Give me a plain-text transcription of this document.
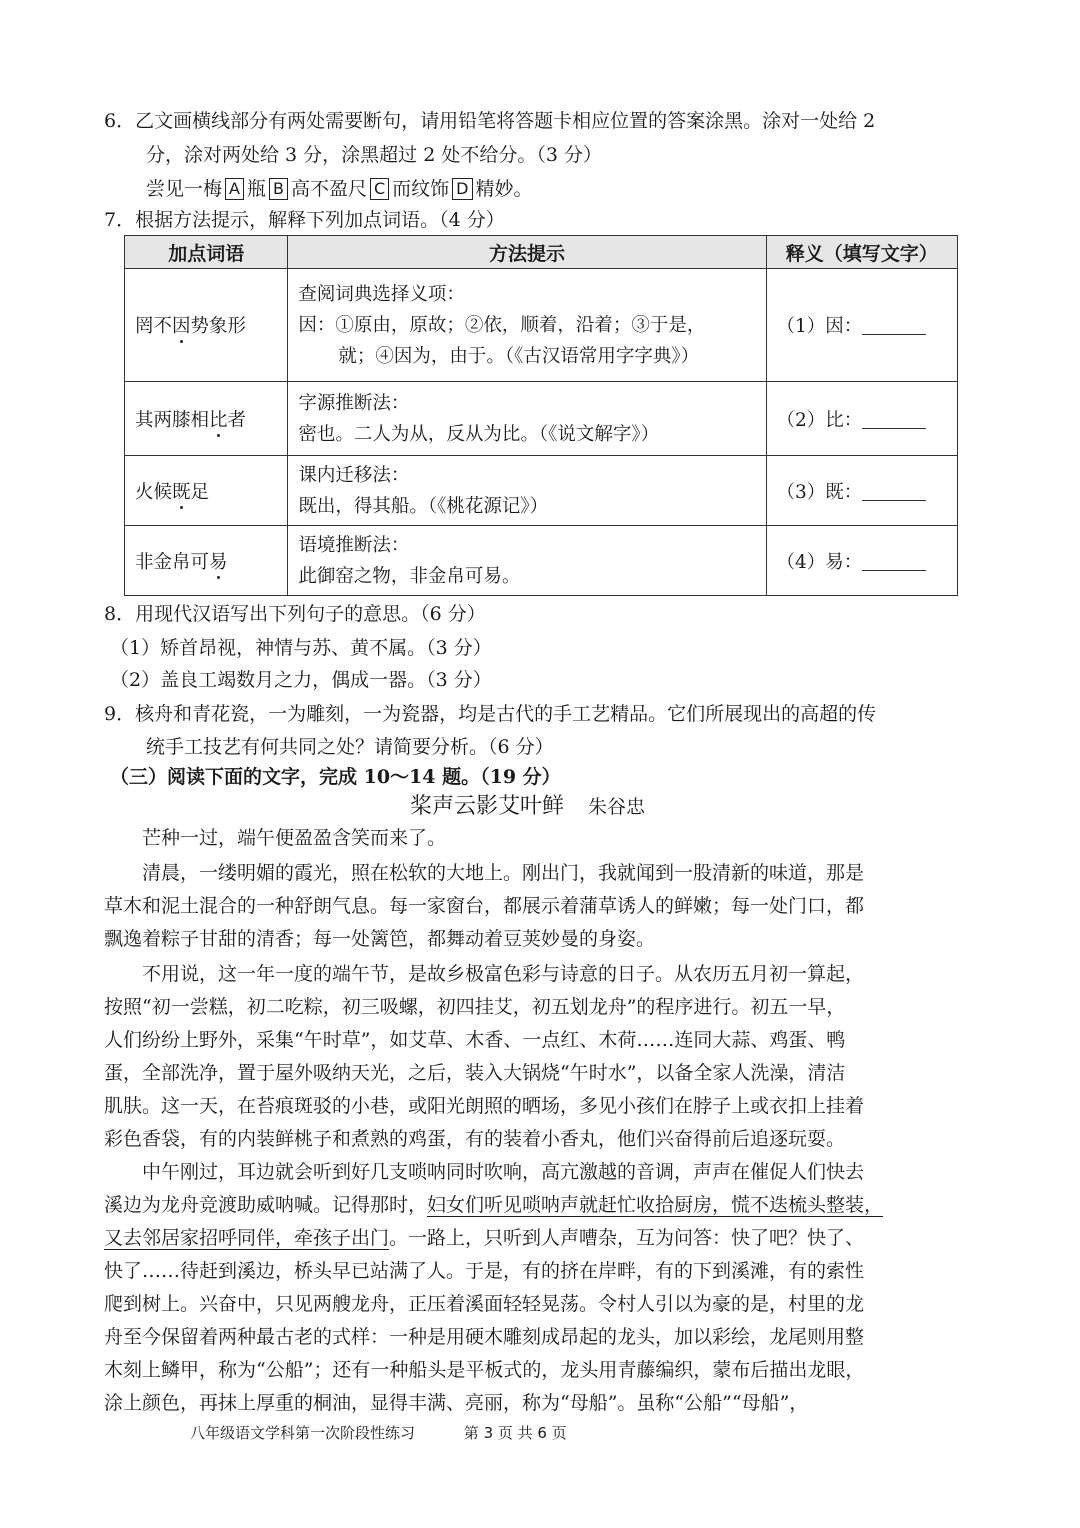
6．乙文画横线部分有两处需要断句，请用铅笔将答题卡相应位置的答案涂黑。涂对一处给 2
分，涂对两处给 3 分，涂黑超过 2 处不给分。（3 分）
尝见一梅 A 瓶 B 高不盈尺 C 而纹饰 D 精妙。
7．根据方法提示，解释下列加点词语。（4 分）
加点词语	方法提示	释义（填写文字）
罔不因势象形	查阅词典选择义项：
因：①原由，原故；②依，顺着，沿着；③于是，
就；④因为，由于。（《古汉语常用字字典》）	（1）因：
其两膝相比者	字源推断法：
密也。二人为从，反从为比。（《说文解字》）	（2）比：
火候既足	课内迁移法：
既出，得其船。（《桃花源记》）	（3）既：
非金帛可易	语境推断法：
此御窑之物，非金帛可易。	（4）易：
8．用现代汉语写出下列句子的意思。（6 分）
（1）矫首昂视，神情与苏、黄不属。（3 分）
（2）盖良工竭数月之力，偶成一器。（3 分）
9．核舟和青花瓷，一为雕刻，一为瓷器，均是古代的手工艺精品。它们所展现出的高超的传
统手工技艺有何共同之处？请简要分析。（6 分）
（三）阅读下面的文字，完成 10～14 题。（19 分）
桨声云影艾叶鲜 朱谷忠
　　芒种一过，端午便盈盈含笑而来了。
　　清晨，一缕明媚的霞光，照在松软的大地上。刚出门，我就闻到一股清新的味道，那是
草木和泥土混合的一种舒朗气息。每一家窗台，都展示着蒲草诱人的鲜嫩；每一处门口，都
飘逸着粽子甘甜的清香；每一处篱笆，都舞动着豆荚妙曼的身姿。
　　不用说，这一年一度的端午节，是故乡极富色彩与诗意的日子。从农历五月初一算起，
按照“初一尝糕，初二吃粽，初三吸螺，初四挂艾，初五划龙舟”的程序进行。初五一早，
人们纷纷上野外，采集“午时草”，如艾草、木香、一点红、木荷……连同大蒜、鸡蛋、鸭
蛋，全部洗净，置于屋外吸纳天光，之后，装入大锅烧“午时水”，以备全家人洗澡，清洁
肌肤。这一天，在苔痕斑驳的小巷，或阳光朗照的晒场，多见小孩们在脖子上或衣扣上挂着
彩色香袋，有的内装鲜桃子和煮熟的鸡蛋，有的装着小香丸，他们兴奋得前后追逐玩耍。
　　中午刚过，耳边就会听到好几支唢呐同时吹响，高亢激越的音调，声声在催促人们快去
溪边为龙舟竞渡助威呐喊。记得那时，妇女们听见唢呐声就赶忙收拾厨房，慌不迭梳头整装，
又去邻居家招呼同伴，牵孩子出门。一路上，只听到人声嘈杂，互为问答：快了吧？快了、
快了……待赶到溪边，桥头早已站满了人。于是，有的挤在岸畔，有的下到溪滩，有的索性
爬到树上。兴奋中，只见两艘龙舟，正压着溪面轻轻晃荡。令村人引以为豪的是，村里的龙
舟至今保留着两种最古老的式样：一种是用硬木雕刻成昂起的龙头，加以彩绘，龙尾则用整
木刻上鳞甲，称为“公船”；还有一种船头是平板式的，龙头用青藤编织，蒙布后描出龙眼，
涂上颜色，再抹上厚重的桐油，显得丰满、亮丽，称为“母船”。虽称“公船”“母船”，
八年级语文学科第一次阶段性练习	第 3 页 共 6 页
